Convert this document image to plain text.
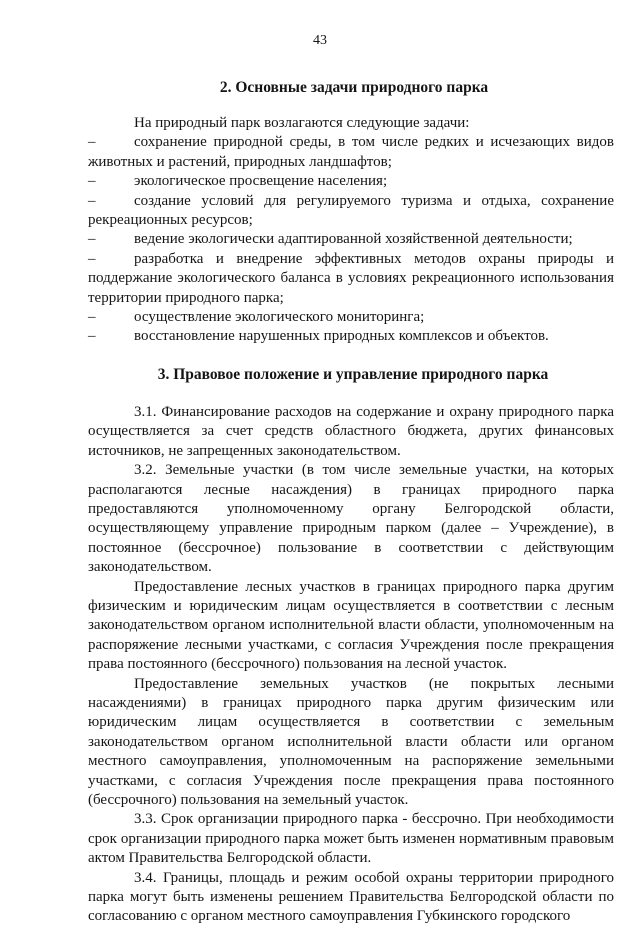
43
2. Основные задачи природного парка

На природный парк возлагаются следующие задачи:

–	сохранение природной среды, в том числе редких и исчезающих видов животных и растений, природных ландшафтов;

–	экологическое просвещение населения;

–	создание условий для регулируемого туризма и отдыха, сохранение рекреационных ресурсов;

–	ведение экологически адаптированной хозяйственной деятельности;

–	разработка и внедрение эффективных методов охраны природы и поддержание экологического баланса в условиях рекреационного использования территории природного парка;

–	осуществление экологического мониторинга;

–	восстановление нарушенных природных комплексов и объектов.

3. Правовое положение и управление природного парка

3.1. Финансирование расходов на содержание и охрану природного парка осуществляется за счет средств областного бюджета, других финансовых источников, не запрещенных законодательством.

3.2. Земельные участки (в том числе земельные участки, на которых располагаются лесные насаждения) в границах природного парка предоставляются уполномоченному органу Белгородской области, осуществляющему управление природным парком (далее – Учреждение), в постоянное (бессрочное) пользование в соответствии с действующим законодательством.

Предоставление лесных участков в границах природного парка другим физическим и юридическим лицам осуществляется в соответствии с лесным законодательством органом исполнительной власти области, уполномоченным на распоряжение лесными участками, с согласия Учреждения после прекращения права постоянного (бессрочного) пользования на лесной участок.

Предоставление земельных участков (не покрытых лесными насаждениями) в границах природного парка другим физическим или юридическим лицам осуществляется в соответствии с земельным законодательством органом исполнительной власти области или органом местного самоуправления, уполномоченным на распоряжение земельными участками, с согласия Учреждения после прекращения права постоянного (бессрочного) пользования на земельный участок.

3.3. Срок организации природного парка - бессрочно. При необходимости срок организации природного парка может быть изменен нормативным правовым актом Правительства Белгородской области.

3.4. Границы, площадь и режим особой охраны территории природного парка могут быть изменены решением Правительства Белгородской области по согласованию с органом местного самоуправления Губкинского городского
